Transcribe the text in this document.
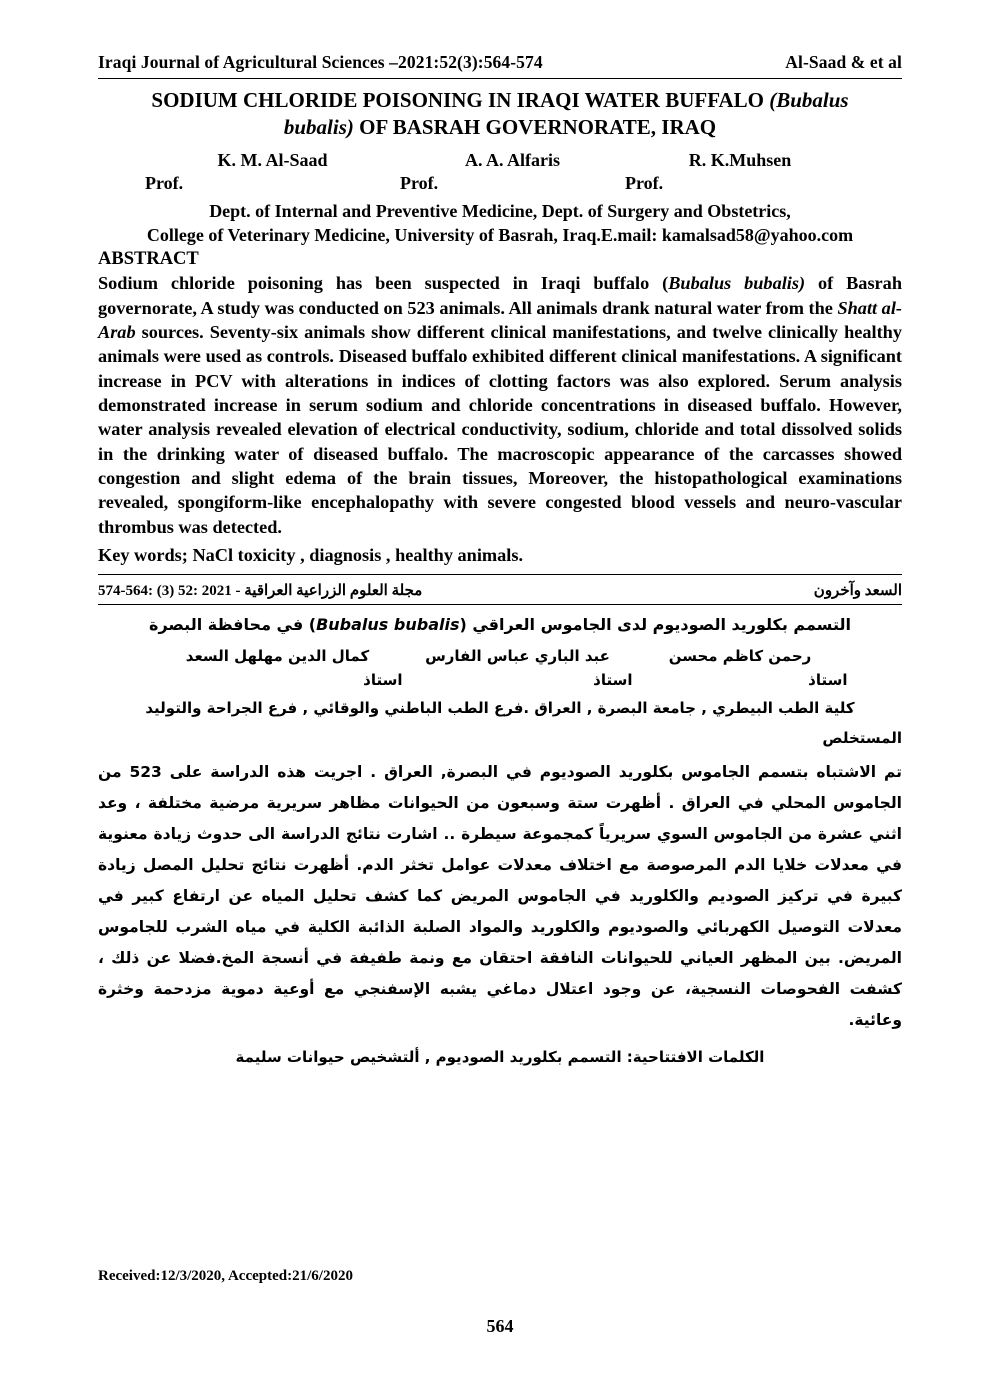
Iraqi Journal of Agricultural Sciences –2021:52(3):564-574	Al-Saad & et al
SODIUM CHLORIDE POISONING IN IRAQI WATER BUFFALO (Bubalus
bubalis) OF BASRAH GOVERNORATE, IRAQ
K. M. Al-Saad	A. A. Alfaris	R. K.Muhsen
Prof.	Prof.	Prof.
Dept. of Internal and Preventive Medicine, Dept. of Surgery and Obstetrics,
College of Veterinary Medicine, University of Basrah, Iraq.E.mail: kamalsad58@yahoo.com
ABSTRACT
Sodium chloride poisoning has been suspected in Iraqi buffalo (Bubalus bubalis) of Basrah governorate, A study was conducted on 523 animals. All animals drank natural water from the Shatt al-Arab sources. Seventy-six animals show different clinical manifestations, and twelve clinically healthy animals were used as controls. Diseased buffalo exhibited different clinical manifestations. A significant increase in PCV with alterations in indices of clotting factors was also explored. Serum analysis demonstrated increase in serum sodium and chloride concentrations in diseased buffalo. However, water analysis revealed elevation of electrical conductivity, sodium, chloride and total dissolved solids in the drinking water of diseased buffalo. The macroscopic appearance of the carcasses showed congestion and slight edema of the brain tissues, Moreover, the histopathological examinations revealed, spongiform-like encephalopathy with severe congested blood vessels and neuro-vascular thrombus was detected.
Key words; NaCl toxicity , diagnosis , healthy animals.
مجلة العلوم الزراعية العراقية - 2021 :52 (3) :564-574	السعد وآخرون
التسمم بكلوريد الصوديوم لدى الجاموس العراقي (Bubalus bubalis) في محافظة البصرة
كمال الدين مهلهل السعد	عبد الباري عباس الفارس	رحمن كاظم محسن
استاذ	استاذ	استاذ
كلية الطب البيطري , جامعة البصرة , العراق .فرع الطب الباطني والوقائي , فرع الجراحة والتوليد
المستخلص
تم الاشتباه بتسمم الجاموس بكلوريد الصوديوم في البصرة, العراق . اجريت هذه الدراسة على 523 من الجاموس المحلي في العراق . أظهرت ستة وسبعون من الحيوانات مظاهر سريرية مرضية مختلفة ، وعد اثني عشرة من الجاموس السوي سريرياً كمجموعة سيطرة .. اشارت نتائج الدراسة الى حدوث زيادة معنوية في معدلات خلايا الدم المرصوصة مع اختلاف معدلات عوامل تخثر الدم. أظهرت نتائج تحليل المصل زيادة كبيرة في تركيز الصوديم والكلوريد في الجاموس المريض كما كشف تحليل المياه عن ارتفاع كبير في معدلات التوصيل الكهربائي والصوديوم والكلوريد والمواد الصلبة الذائبة الكلية في مياه الشرب للجاموس المريض. بين المظهر العياني للحيوانات النافقة احتقان مع ونمة طفيفة في أنسجة المخ.فضلا عن ذلك ، كشفت الفحوصات النسجية، عن وجود اعتلال دماغي يشبه الإسفنجي مع أوعية دموية مزدحمة وخثرة وعائية.
الكلمات الافتتاحية: التسمم بكلوريد الصوديوم , ألتشخيص حيوانات سليمة
Received:12/3/2020, Accepted:21/6/2020
564
